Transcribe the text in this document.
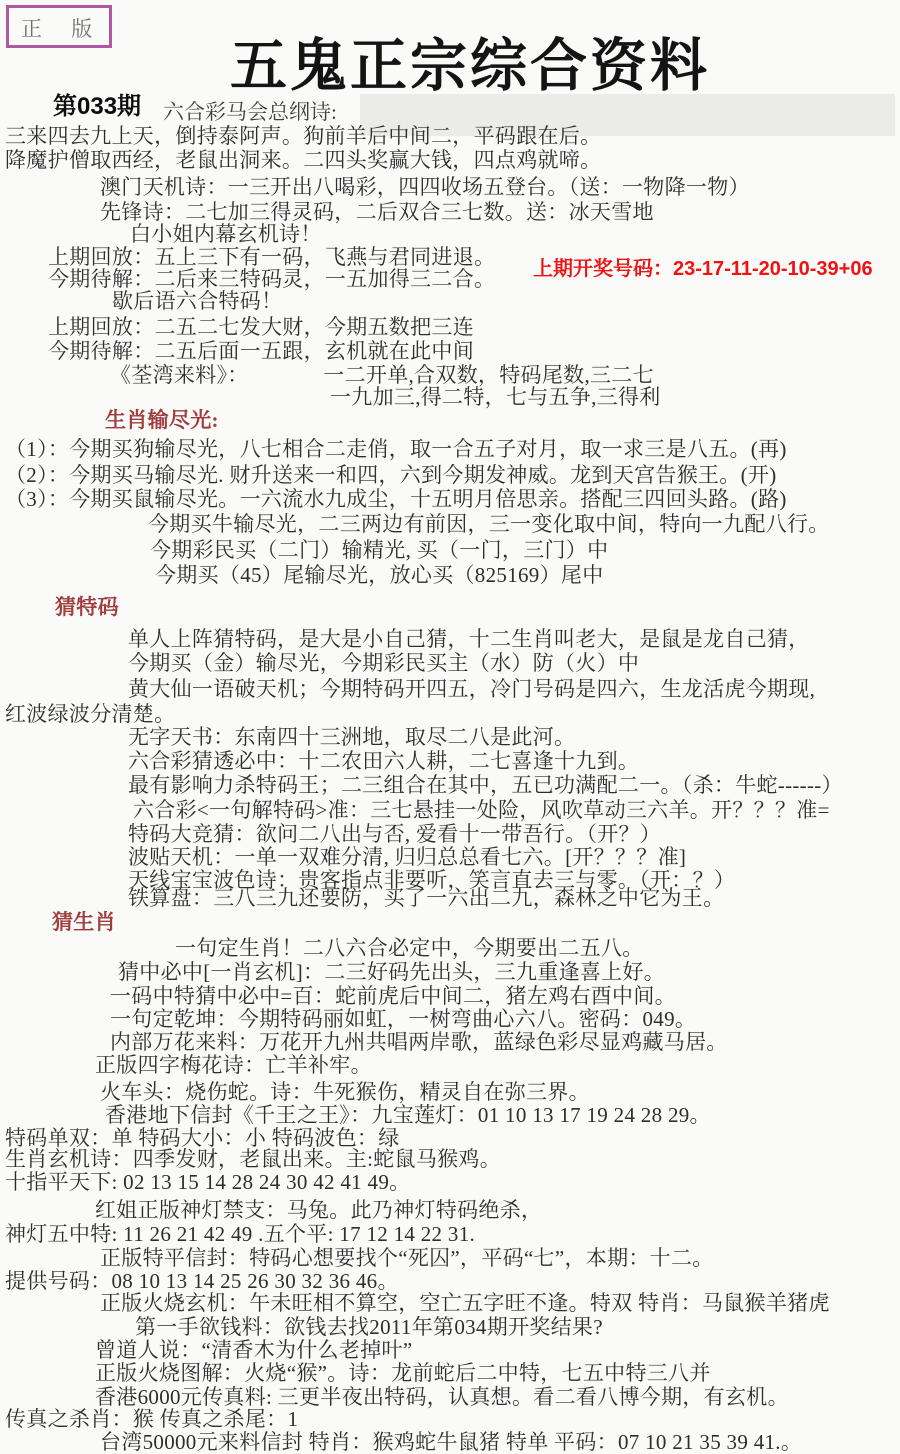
正 版
五鬼正宗综合资料
第033期 六合彩马会总纲诗:
上期开奖号码：23-17-11-20-10-39+06
三来四去九上天，倒持泰阿声。狗前羊后中间二，平码跟在后。
降魔护僧取西经，老鼠出洞来。二四头奖赢大钱，四点鸡就啼。
澳门天机诗：一三开出八喝彩，四四收场五登台。（送：一物降一物）
先锋诗：二七加三得灵码，二后双合三七数。送：冰天雪地
白小姐内幕玄机诗！
上期回放：五上三下有一码，飞燕与君同进退。
今期待解：二后来三特码灵，一五加得三二合。
歇后语六合特码！
上期回放：二五二七发大财，今期五数把三连
今期待解：二五后面一五跟，玄机就在此中间
《荃湾来料》：　　　　一二开单,合双数，特码尾数,三二七
一九加三,得二特，七与五争,三得利
生肖输尽光:
（1）：今期买狗输尽光，八七相合二走俏，取一合五子对月，取一求三是八五。(再)
（2）：今期买马输尽光. 财升送来一和四，六到今期发神威。龙到天宫告猴王。(开)
（3）：今期买鼠输尽光。一六流水九成尘，十五明月倍思亲。搭配三四回头路。(路)
今期买牛输尽光，二三两边有前因，三一变化取中间，特向一九配八行。
今期彩民买（二门）输精光, 买（一门，三门）中
今期买（45）尾输尽光，放心买（825169）尾中
猜特码
单人上阵猜特码，是大是小自己猜，十二生肖叫老大，是鼠是龙自己猜，
今期买（金）输尽光，今期彩民买主（水）防（火）中
黄大仙一语破天机；今期特码开四五，冷门号码是四六，生龙活虎今期现,
红波绿波分清楚。
无字天书：东南四十三洲地，取尽二八是此河。
六合彩猜透必中：十二农田六人耕，二七喜逢十九到。
最有影响力杀特码王；二三组合在其中，五已功满配二一。（杀：牛蛇------）
六合彩<一句解特码>准：三七悬挂一处险，风吹草动三六羊。开？？？准=
特码大竞猜：欲问二八出与否, 爱看十一带吾行。（开？）
波贴天机：一单一双难分清, 归归总总看七六。[开？？？准]
天线宝宝波色诗：贵客指点非要听，笑言直去三与零。（开：？）
铁算盘：三八三九还要防，买了一六出二九，森林之中它为王。
猜生肖
一句定生肖！二八六合必定中，今期要出二五八。
猜中必中[一肖玄机]：二三好码先出头，三九重逢喜上好。
一码中特猜中必中=百：蛇前虎后中间二，猪左鸡右酉中间。
一句定乾坤：今期特码丽如虹，一树弯曲心六八。密码：049。
内部万花来料：万花开九州共唱两岸歌，蓝绿色彩尽显鸡藏马居。
正版四字梅花诗：亡羊补牢。
火车头：烧伤蛇。诗：牛死猴伤，精灵自在弥三界。
香港地下信封《千王之王》：九宝莲灯：01 10 13 17 19 24 28 29。
特码单双：单 特码大小：小 特码波色：绿
生肖玄机诗：四季发财，老鼠出来。主:蛇鼠马猴鸡。
十指平天下: 02 13 15 14 28 24 30 42 41 49。
红姐正版神灯禁支：马兔。此乃神灯特码绝杀，
神灯五中特: 11 26 21 42 49 .五个平: 17 12 14 22 31.
正版特平信封：特码心想要找个“死囚”，平码“七”，本期：十二。
提供号码：08 10 13 14 25 26 30 32 36 46。
正版火烧玄机：午未旺相不算空，空亡五字旺不逢。特双 特肖：马鼠猴羊猪虎
第一手欲钱料：欲钱去找2011年第034期开奖结果?
曾道人说：“清香木为什么老掉叶”
正版火烧图解：火烧“猴”。诗：龙前蛇后二中特，七五中特三八并
香港6000元传真料: 三更半夜出特码，认真想。看二看八博今期，有玄机。
传真之杀肖：猴 传真之杀尾：1
台湾50000元来料信封 特肖：猴鸡蛇牛鼠猪 特单 平码：07 10 21 35 39 41.。
